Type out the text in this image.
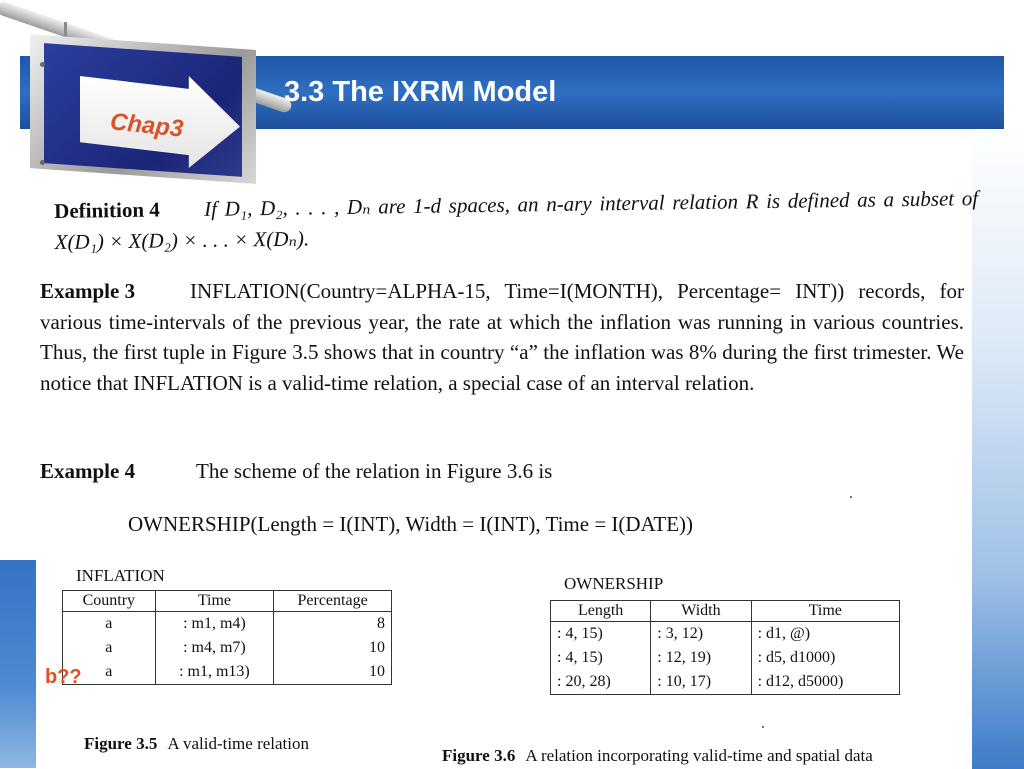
3.3 The IXRM Model
Chap3
Definition 4 If D₁, D₂, . . . , Dₙ are 1-d spaces, an n-ary interval relation R is defined as a subset of X(D₁) × X(D₂) × . . . × X(Dₙ).
Example 3	INFLATION(Country=ALPHA-15, Time=I(MONTH), Percentage= INT)) records, for various time-intervals of the previous year, the rate at which the inflation was running in various countries. Thus, the first tuple in Figure 3.5 shows that in country “a” the inflation was 8% during the first trimester. We notice that INFLATION is a valid-time relation, a special case of an interval relation.
Example 4	The scheme of the relation in Figure 3.6 is
OWNERSHIP(Length = I(INT), Width = I(INT), Time = I(DATE))
INFLATION
Country	Time	Percentage
a	: m1, m4)	8
a	: m4, m7)	10
a	: m1, m13)	10
b??
Figure 3.5 A valid-time relation
OWNERSHIP
Length	Width	Time
: 4, 15)	: 3, 12)	: d1, @)
: 4, 15)	: 12, 19)	: d5, d1000)
: 20, 28)	: 10, 17)	: d12, d5000)
Figure 3.6 A relation incorporating valid-time and spatial data
